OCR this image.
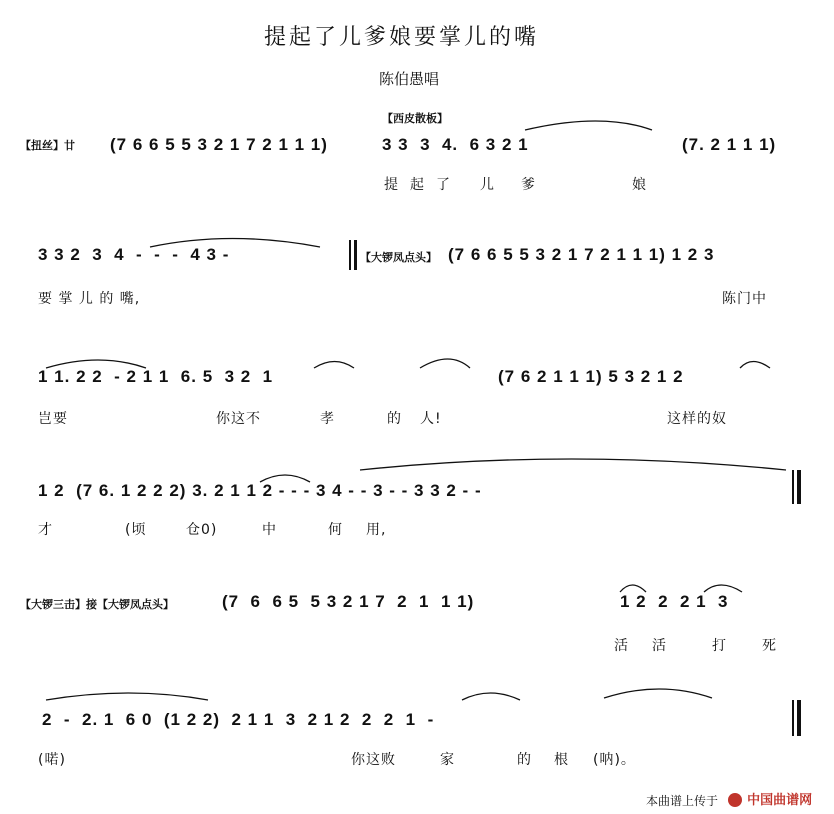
提起了儿爹娘要掌儿的嘴
陈伯愚唱
【西皮散板】
【扭丝】廿 (7 6 6 5 5 3 2 1 7 2 1 1 1)	3 3  3  4.  6 3 2 1	(7. 2 1 1 1)
提 起 了 儿 爹	娘
3 3 2  3  4  -  -  -  4 3 -	【大锣凤点头】 (7 6 6 5 5 3 2 1 7 2 1 1 1) 1 2 3
要 掌 儿 的 嘴,	陈门中
1 1. 2 2  - 2 1 1  6. 5  3 2  1	(7 6 2 1 1 1) 5 3 2 1 2
岂要	你这不	孝	的 人!	这样的奴
1 2  (7 6. 1 2 2 2) 3. 2 1 1 2 - - - 3 4 - - 3 - - 3 3 2 - -
才	(顷	仓0)	中	何 用,
【大锣三击】接【大锣凤点头】	(7  6  6 5  5 3 2 1 7  2  1  1 1)	1 2  2  2 1  3
活 活	打	死
2  -  2. 1  6 0  (1 2 2)  2 1 1  3  2 1 2  2  2  1  -
(喏)	你这败	家	的 根 (呐)。
本曲谱上传于	中国曲谱网
